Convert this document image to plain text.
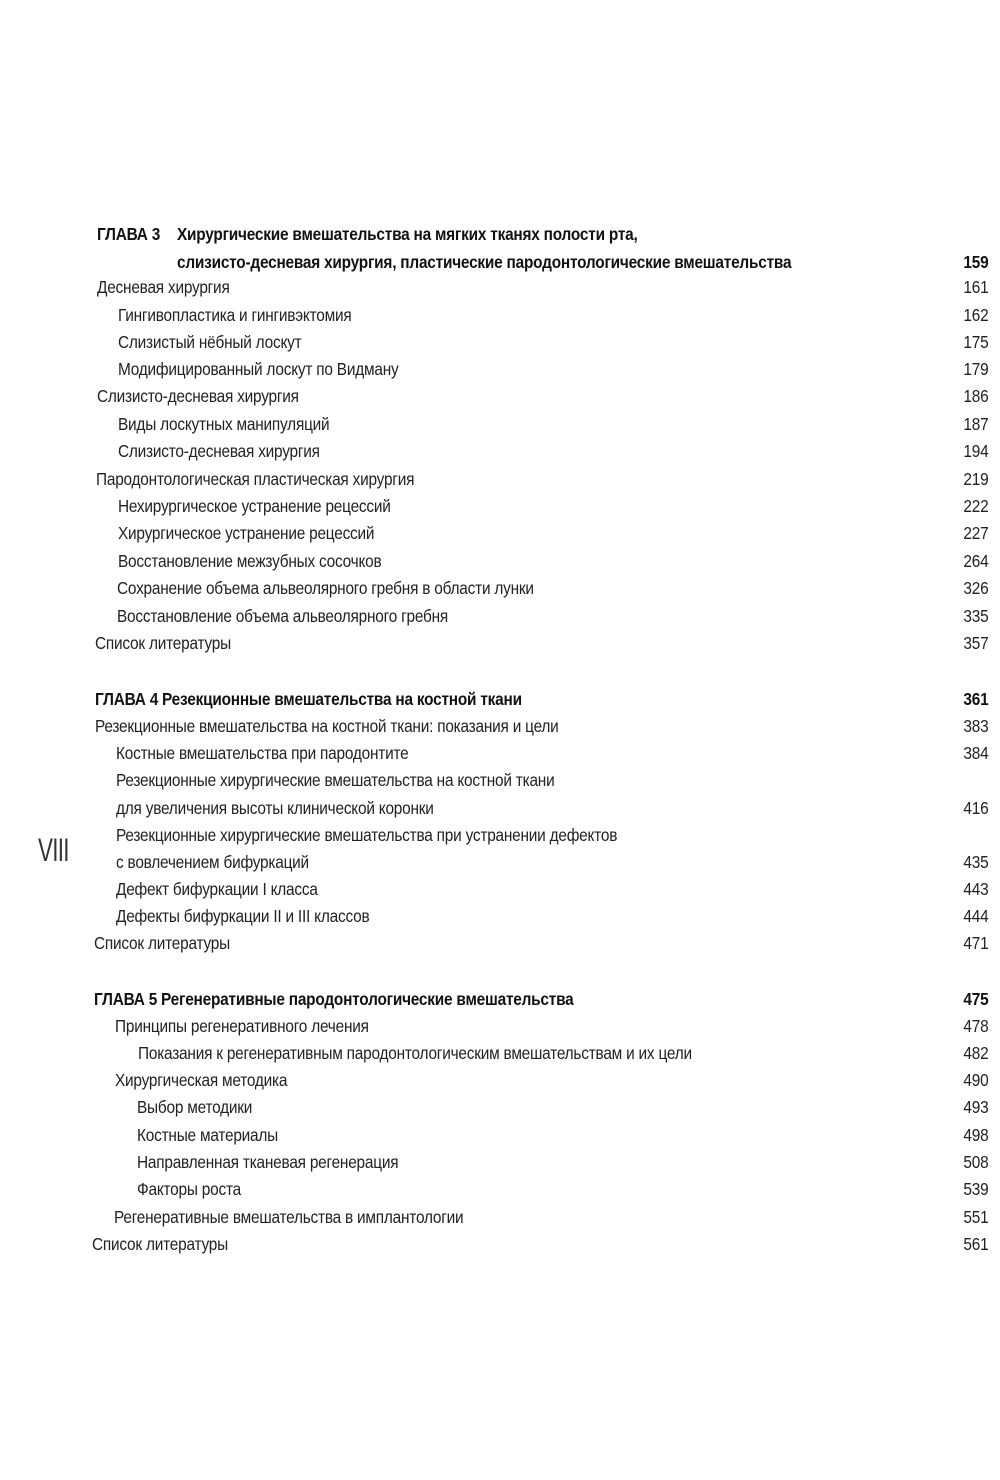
ГЛАВА 3 Хирургические вмешательства на мягких тканях полости рта,
слизисто-десневая хирургия, пластические пародонтологические вмешательства	159
Десневая хирургия	161
Гингивопластика и гингивэктомия	162
Слизистый нёбный лоскут	175
Модифицированный лоскут по Видману	179
Слизисто-десневая хирургия	186
Виды лоскутных манипуляций	187
Слизисто-десневая хирургия	194
Пародонтологическая пластическая хирургия	219
Нехирургическое устранение рецессий	222
Хирургическое устранение рецессий	227
Восстановление межзубных сосочков	264
Сохранение объема альвеолярного гребня в области лунки	326
Восстановление объема альвеолярного гребня	335
Список литературы	357
ГЛАВА 4 Резекционные вмешательства на костной ткани	361
Резекционные вмешательства на костной ткани: показания и цели	383
Костные вмешательства при пародонтите	384
Резекционные хирургические вмешательства на костной ткани
для увеличения высоты клинической коронки	416
Резекционные хирургические вмешательства при устранении дефектов
с вовлечением бифуркаций	435
Дефект бифуркации I класса	443
Дефекты бифуркации II и III классов	444
Список литературы	471
ГЛАВА 5 Регенеративные пародонтологические вмешательства	475
Принципы регенеративного лечения	478
Показания к регенеративным пародонтологическим вмешательствам и их цели	482
Хирургическая методика	490
Выбор методики	493
Костные материалы	498
Направленная тканевая регенерация	508
Факторы роста	539
Регенеративные вмешательства в имплантологии	551
Список литературы	561
VIII
